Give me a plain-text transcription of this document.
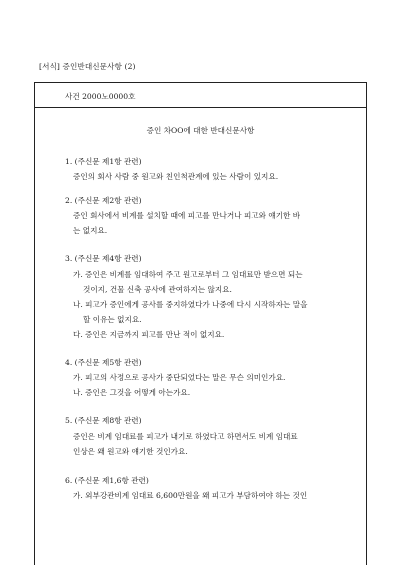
[서식] 증인반대신문사항 (2)
사건 2000노0000호
증인 차OO에 대한 반대신문사항
1. (주신문 제1항 관련)
증인의 회사 사람 중 원고와 친인척관계에 있는 사람이 있지요.
2. (주신문 제2항 관련)
증인 회사에서 비계를 설치할 때에 피고를 만나거나 피고와 얘기한 바
는 없지요.
3. (주신문 제4항 관련)
가. 증인은 비계를 임대하여 주고 원고로부터 그 임대료만 받으면 되는
것이지, 건물 신축 공사에 관여하지는 않지요.
나. 피고가 증인에게 공사를 중지하였다가 나중에 다시 시작하자는 말을
할 이유는 없지요.
다. 증인은 지금까지 피고를 만난 적이 없지요.
4. (주신문 제5항 관련)
가. 피고의 사정으로 공사가 중단되었다는 말은 무슨 의미인가요.
나. 증인은 그것을 어떻게 아는가요.
5. (주신문 제8항 관련)
증인은 비계 임대료를 피고가 내기로 하였다고 하면서도 비계 임대료
인상은 왜 원고와 얘기한 것인가요.
6. (주신문 제1,6항 관련)
가. 외부강관비계 임대료 6,600만원을 왜 피고가 부담하여야 하는 것인
